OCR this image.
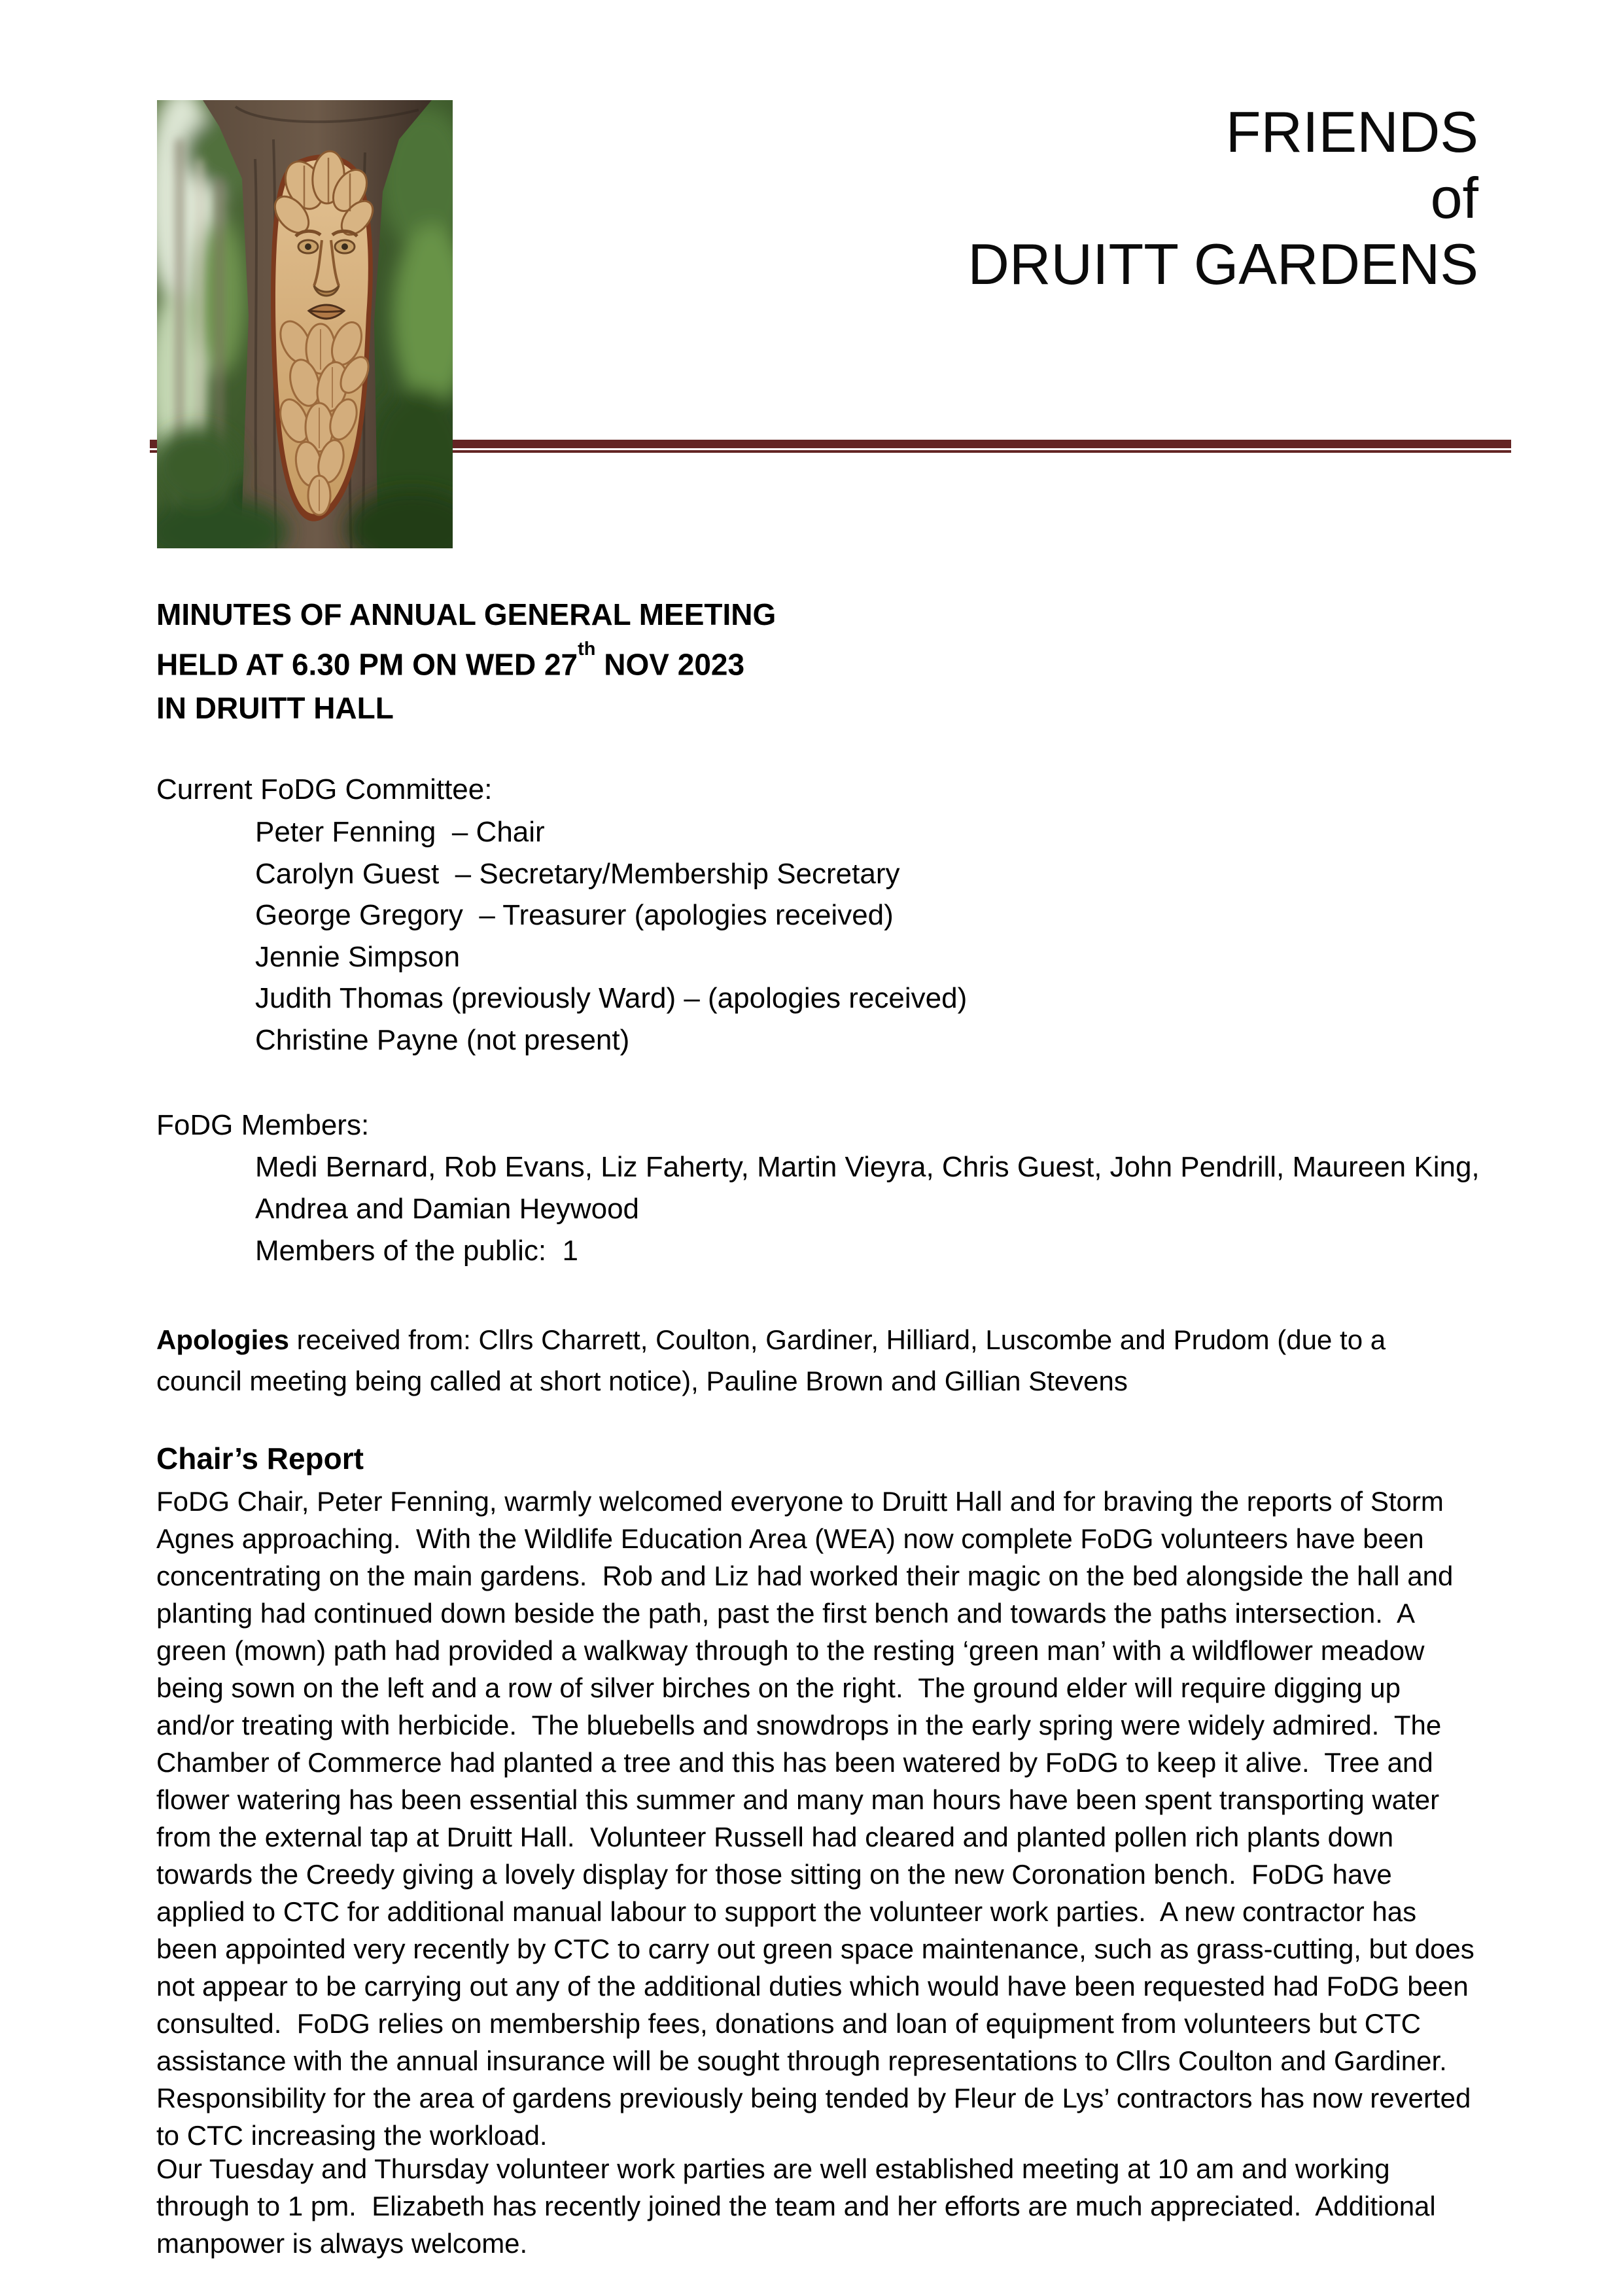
FRIENDS
of
DRUITT GARDENS
MINUTES OF ANNUAL GENERAL MEETING
HELD AT 6.30 PM ON WED 27th NOV 2023
IN DRUITT HALL
Current FoDG Committee:
Peter Fenning  – Chair
Carolyn Guest  – Secretary/Membership Secretary
George Gregory  – Treasurer (apologies received)
Jennie Simpson
Judith Thomas (previously Ward) – (apologies received)
Christine Payne (not present)
FoDG Members:
Medi Bernard, Rob Evans, Liz Faherty, Martin Vieyra, Chris Guest, John Pendrill, Maureen King,
Andrea and Damian Heywood
Members of the public:  1
Apologies received from: Cllrs Charrett, Coulton, Gardiner, Hilliard, Luscombe and Prudom (due to a council meeting being called at short notice), Pauline Brown and Gillian Stevens
Chair’s Report
FoDG Chair, Peter Fenning, warmly welcomed everyone to Druitt Hall and for braving the reports of Storm Agnes approaching.  With the Wildlife Education Area (WEA) now complete FoDG volunteers have been concentrating on the main gardens.  Rob and Liz had worked their magic on the bed alongside the hall and planting had continued down beside the path, past the first bench and towards the paths intersection.  A green (mown) path had provided a walkway through to the resting ‘green man’ with a wildflower meadow being sown on the left and a row of silver birches on the right.  The ground elder will require digging up and/or treating with herbicide.  The bluebells and snowdrops in the early spring were widely admired.  The Chamber of Commerce had planted a tree and this has been watered by FoDG to keep it alive.  Tree and flower watering has been essential this summer and many man hours have been spent transporting water from the external tap at Druitt Hall.  Volunteer Russell had cleared and planted pollen rich plants down towards the Creedy giving a lovely display for those sitting on the new Coronation bench.  FoDG have applied to CTC for additional manual labour to support the volunteer work parties.  A new contractor has been appointed very recently by CTC to carry out green space maintenance, such as grass-cutting, but does not appear to be carrying out any of the additional duties which would have been requested had FoDG been consulted.  FoDG relies on membership fees, donations and loan of equipment from volunteers but CTC assistance with the annual insurance will be sought through representations to Cllrs Coulton and Gardiner.  Responsibility for the area of gardens previously being tended by Fleur de Lys’ contractors has now reverted to CTC increasing the workload.
Our Tuesday and Thursday volunteer work parties are well established meeting at 10 am and working through to 1 pm.  Elizabeth has recently joined the team and her efforts are much appreciated.  Additional manpower is always welcome.
